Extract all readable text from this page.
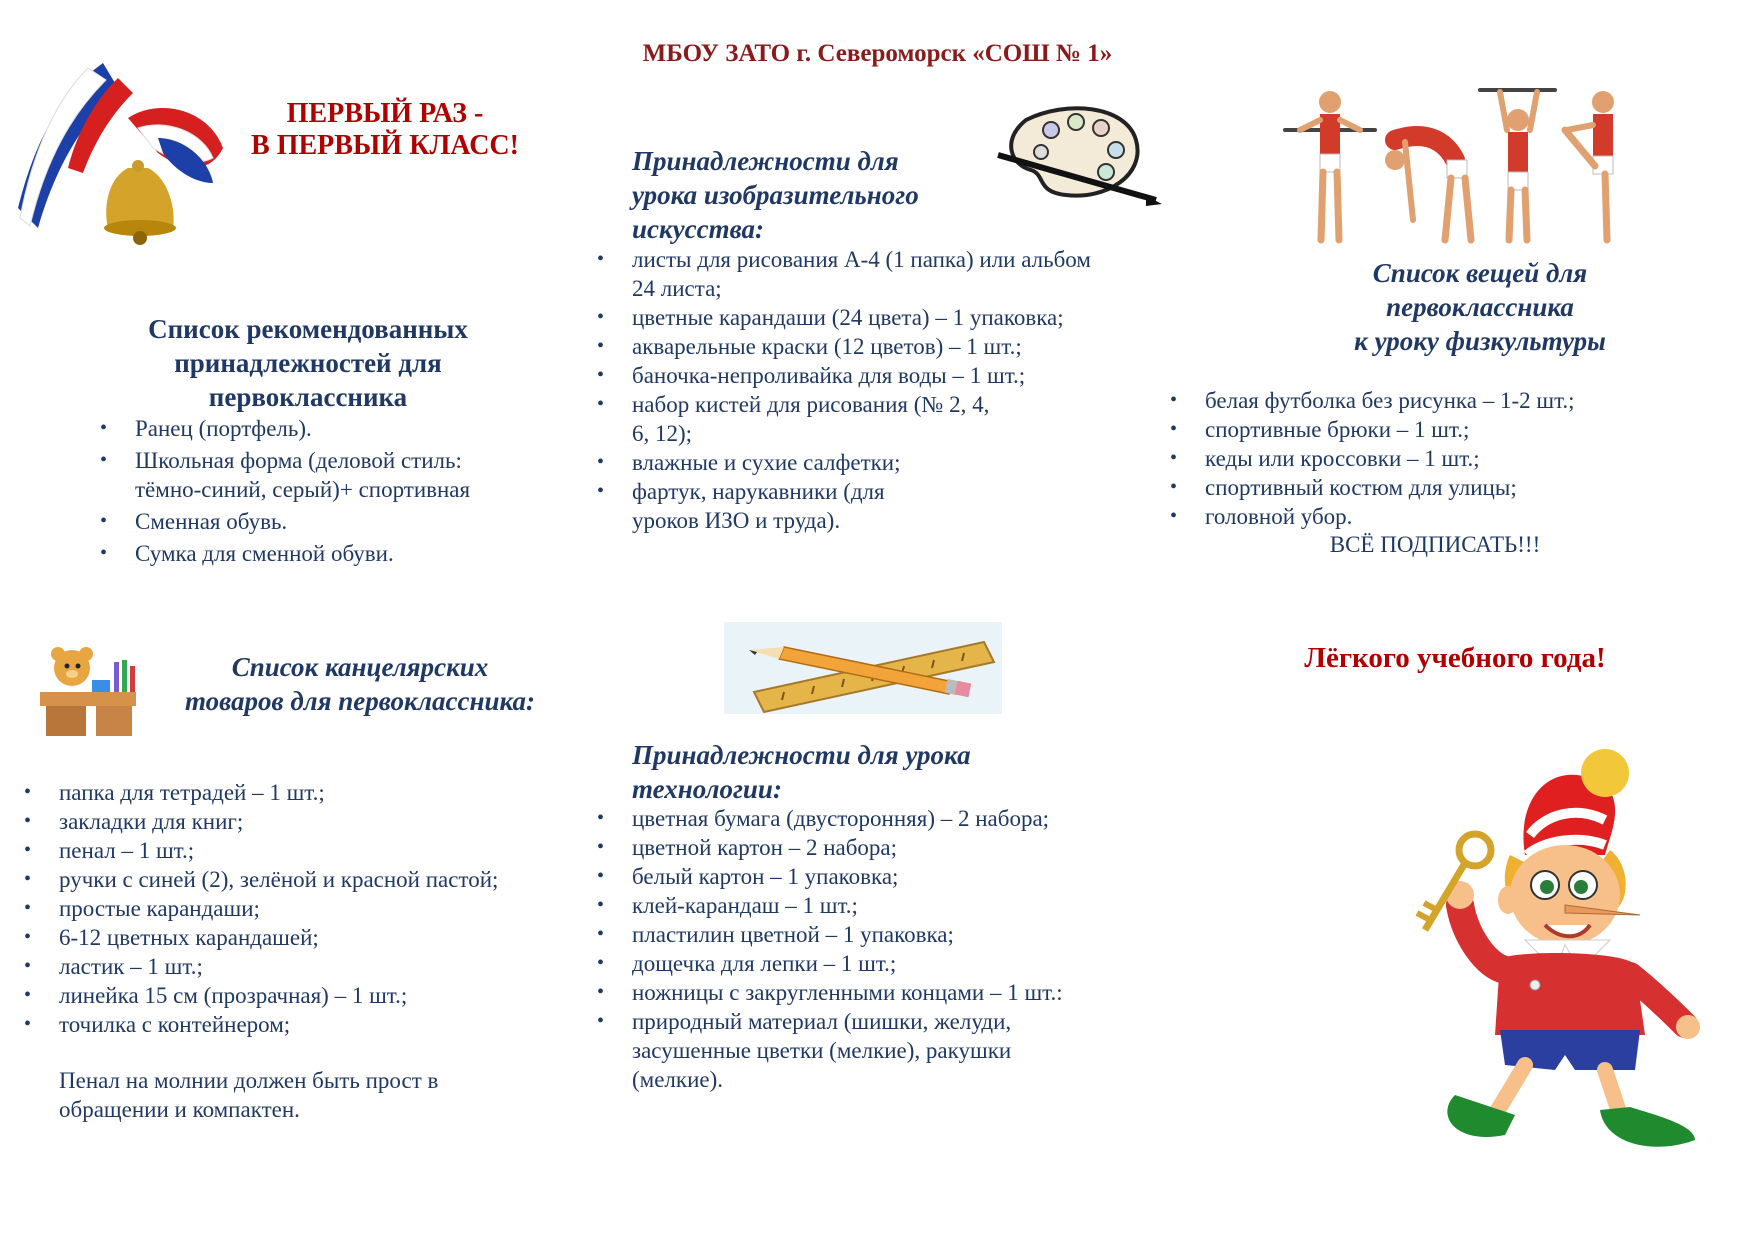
МБОУ ЗАТО г. Североморск «СОШ № 1»
ПЕРВЫЙ РАЗ -
В ПЕРВЫЙ КЛАСС!
Список рекомендованных
принадлежностей для
первоклассника
• Ранец (портфель).
• Школьная форма (деловой стиль: тёмно-синий, серый)+ спортивная
• Сменная обувь.
• Сумка для сменной обуви.
Список канцелярских
товаров для первоклассника:
• папка для тетрадей – 1 шт.;
• закладки для книг;
• пенал – 1 шт.;
• ручки с синей (2), зелёной и красной пастой;
• простые карандаши;
• 6-12 цветных карандашей;
• ластик – 1 шт.;
• линейка 15 см (прозрачная) – 1 шт.;
• точилка с контейнером;
Пенал на молнии должен быть прост в обращении и компактен.
Принадлежности для
урока изобразительного
искусства:
• листы для рисования А-4 (1 папка) или альбом 24 листа;
• цветные карандаши (24 цвета) – 1 упаковка;
• акварельные краски (12 цветов) – 1 шт.;
• баночка-непроливайка для воды – 1 шт.;
• набор кистей для рисования (№ 2, 4, 6, 12);
• влажные и сухие салфетки;
• фартук, нарукавники (для уроков ИЗО и труда).
Принадлежности для урока
технологии:
• цветная бумага (двусторонняя) – 2 набора;
• цветной картон – 2 набора;
• белый картон – 1 упаковка;
• клей-карандаш – 1 шт.;
• пластилин цветной – 1 упаковка;
• дощечка для лепки – 1 шт.;
• ножницы с закругленными концами – 1 шт.:
• природный материал (шишки, желуди, засушенные цветки (мелкие), ракушки (мелкие).
Список вещей для
первоклассника
к уроку физкультуры
• белая футболка без рисунка – 1-2 шт.;
• спортивные брюки – 1 шт.;
• кеды или кроссовки – 1 шт.;
• спортивный костюм для улицы;
• головной убор.
ВСЁ ПОДПИСАТЬ!!!
Лёгкого учебного года!
